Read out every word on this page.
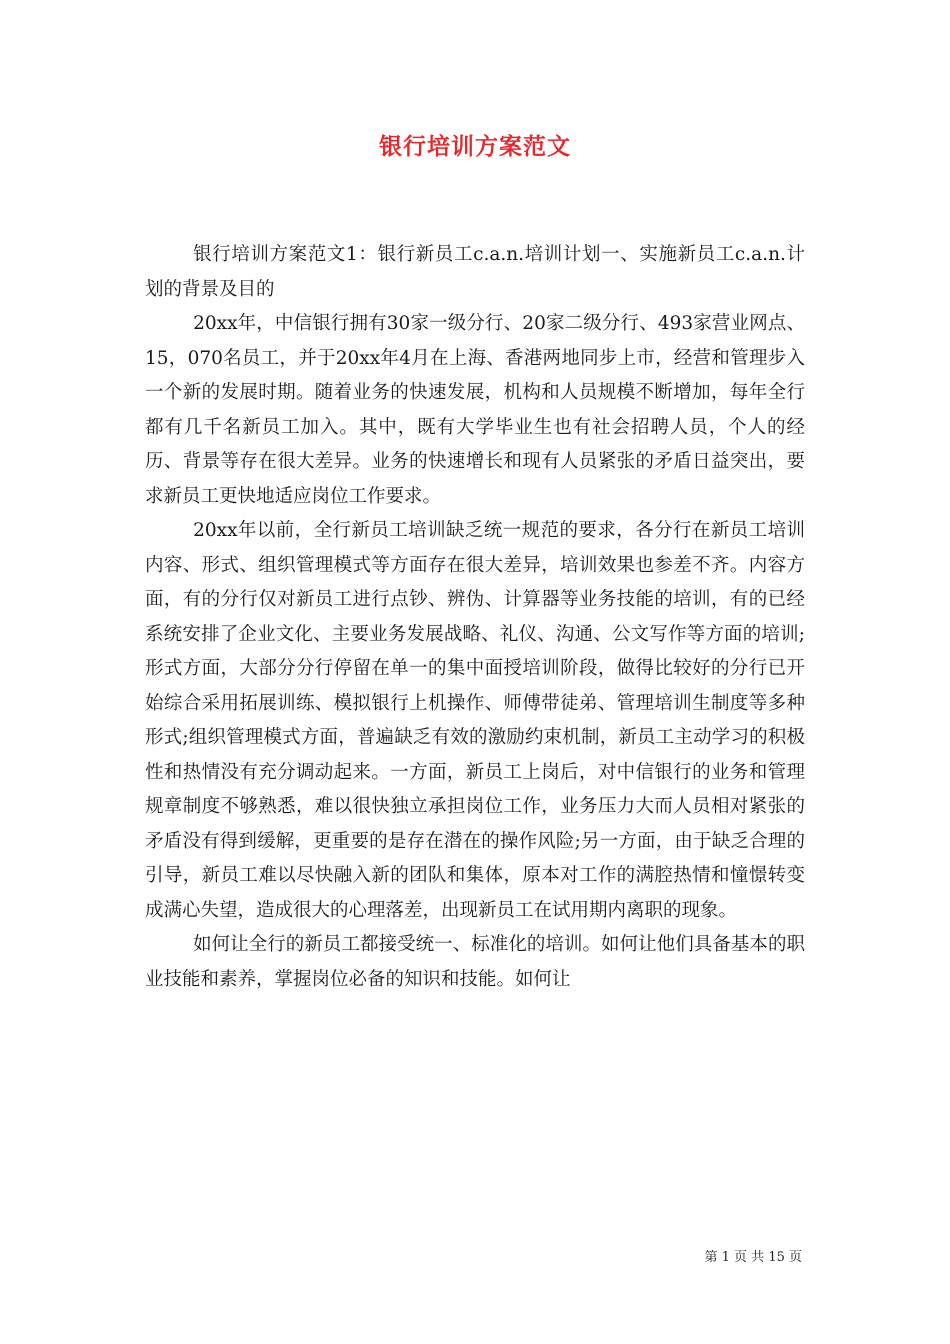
银行培训方案范文

银行培训方案范文1：银行新员工c.a.n.培训计划一、实施新员工c.a.n.计划的背景及目的

20xx年，中信银行拥有30家一级分行、20家二级分行、493家营业网点、15，070名员工，并于20xx年4月在上海、香港两地同步上市，经营和管理步入一个新的发展时期。随着业务的快速发展，机构和人员规模不断增加，每年全行都有几千名新员工加入。其中，既有大学毕业生也有社会招聘人员，个人的经历、背景等存在很大差异。业务的快速增长和现有人员紧张的矛盾日益突出，要求新员工更快地适应岗位工作要求。

20xx年以前，全行新员工培训缺乏统一规范的要求，各分行在新员工培训内容、形式、组织管理模式等方面存在很大差异，培训效果也参差不齐。内容方面，有的分行仅对新员工进行点钞、辨伪、计算器等业务技能的培训，有的已经系统安排了企业文化、主要业务发展战略、礼仪、沟通、公文写作等方面的培训;形式方面，大部分分行停留在单一的集中面授培训阶段，做得比较好的分行已开始综合采用拓展训练、模拟银行上机操作、师傅带徒弟、管理培训生制度等多种形式;组织管理模式方面，普遍缺乏有效的激励约束机制，新员工主动学习的积极性和热情没有充分调动起来。一方面，新员工上岗后，对中信银行的业务和管理规章制度不够熟悉，难以很快独立承担岗位工作，业务压力大而人员相对紧张的矛盾没有得到缓解，更重要的是存在潜在的操作风险;另一方面，由于缺乏合理的引导，新员工难以尽快融入新的团队和集体，原本对工作的满腔热情和憧憬转变成满心失望，造成很大的心理落差，出现新员工在试用期内离职的现象。

如何让全行的新员工都接受统一、标准化的培训。如何让他们具备基本的职业技能和素养，掌握岗位必备的知识和技能。如何让

第 1 页 共 15 页
